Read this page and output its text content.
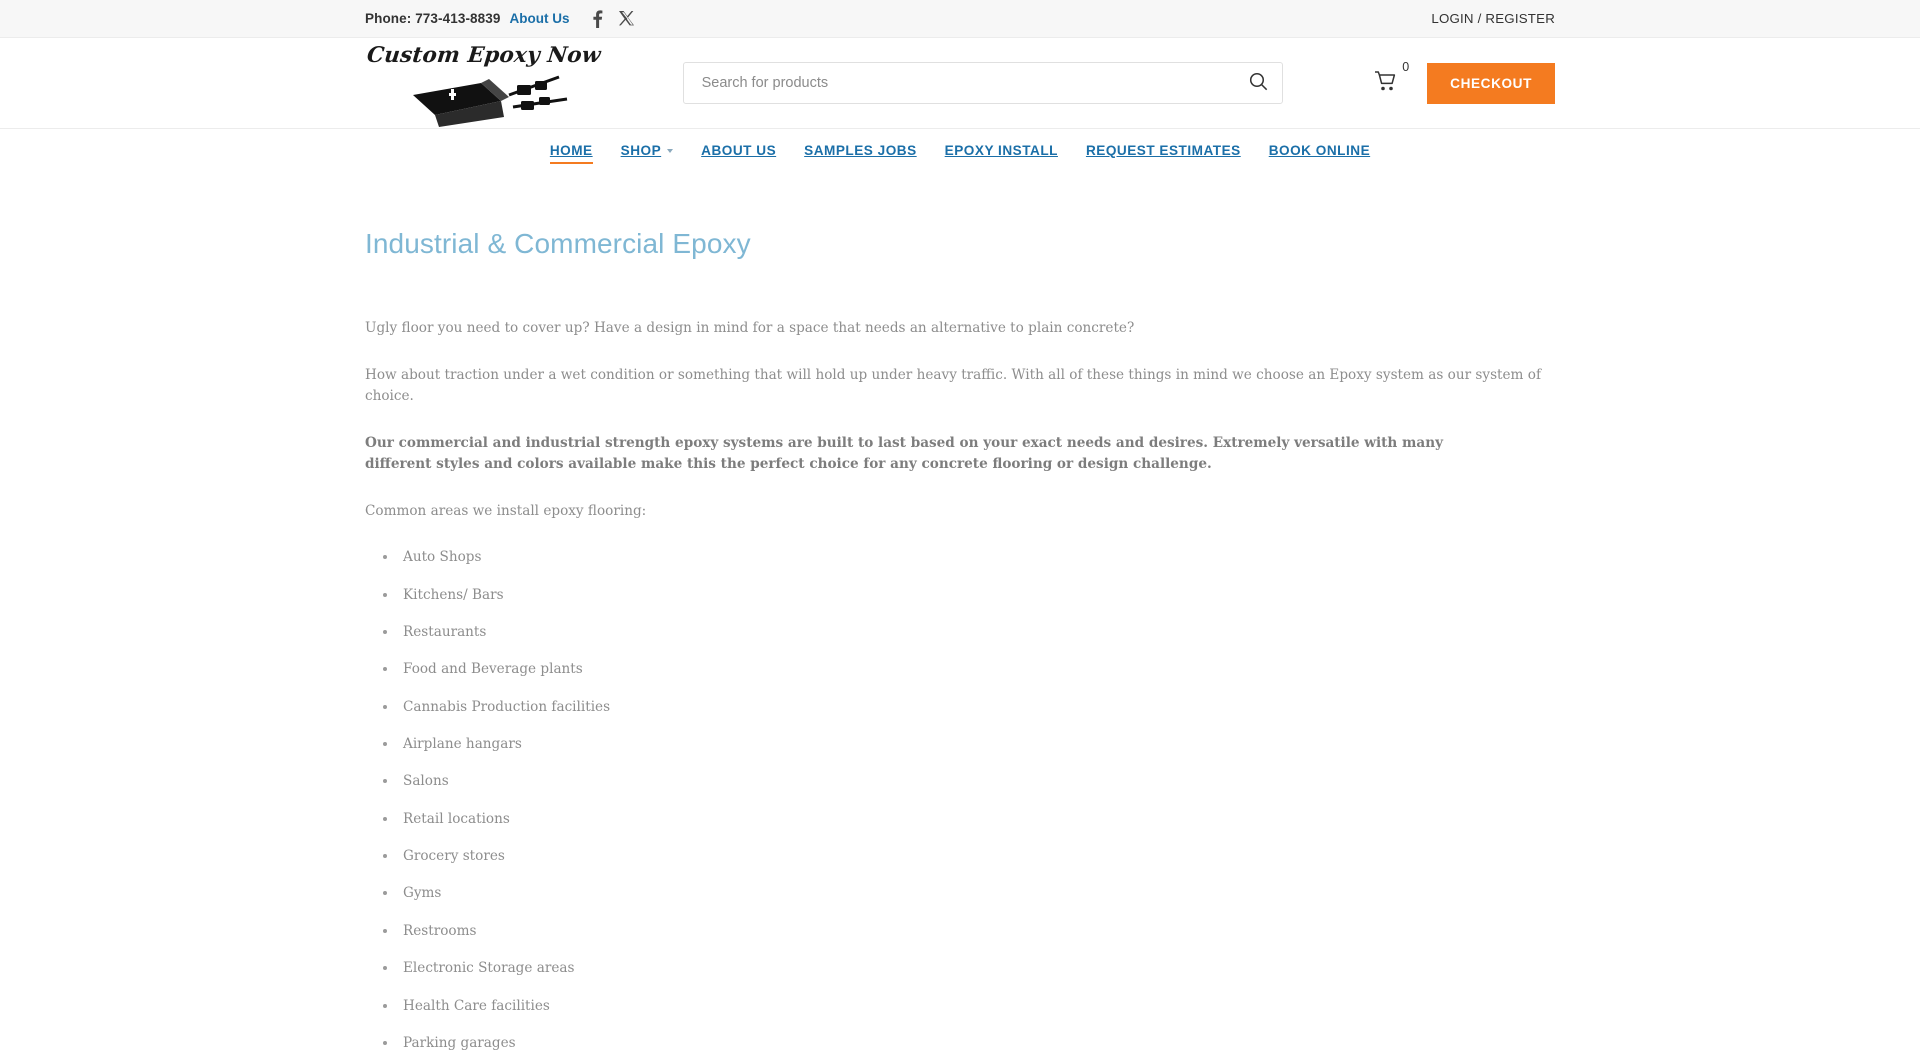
Phone: 773-413-8839 About Us	LOGIN / REGISTER
Custom Epoxy Now
Search for products	0
CHECKOUT
HOME SHOP	ABOUT US SAMPLES JOBS EPOXY INSTALL REQUEST ESTIMATES BOOK ONLINE
Industrial & Commercial Epoxy

Ugly floor you need to cover up? Have a design in mind for a space that needs an alternative to plain concrete?

How about traction under a wet condition or something that will hold up under heavy traffic. With all of these things in mind we choose an Epoxy system as our system of choice.

Our commercial and industrial strength epoxy systems are built to last based on your exact needs and desires. Extremely versatile with many different styles and colors available make this the perfect choice for any concrete flooring or design challenge.

Common areas we install epoxy flooring:

Auto Shops
Kitchens/ Bars
Restaurants
Food and Beverage plants
Cannabis Production facilities
Airplane hangars
Salons
Retail locations
Grocery stores
Gyms
Restrooms
Electronic Storage areas
Health Care facilities
Parking garages
